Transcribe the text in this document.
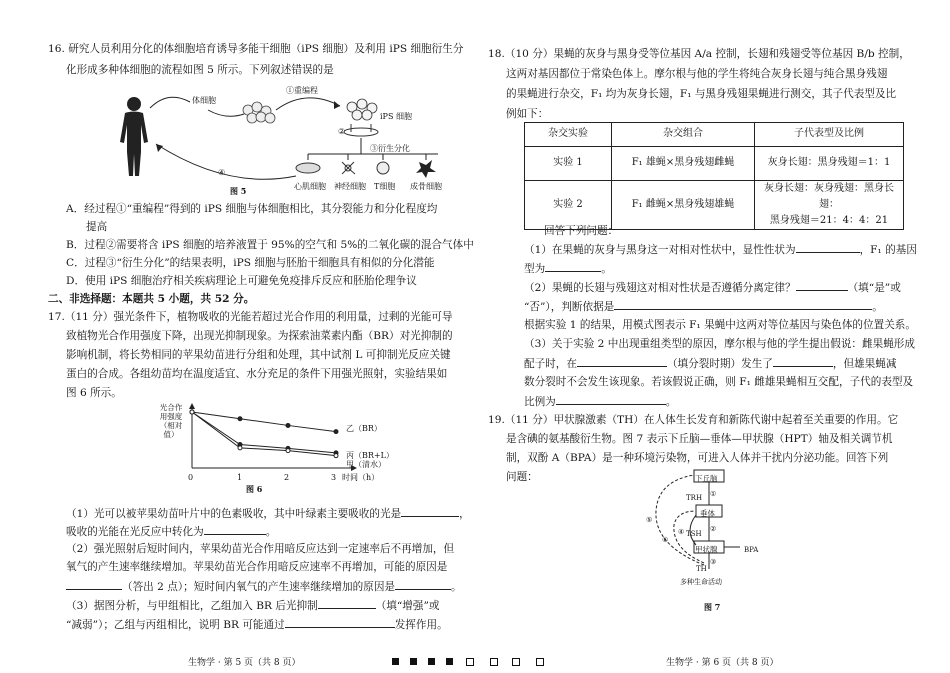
16. 研究人员利用分化的体细胞培育诱导多能干细胞（iPS 细胞）及利用 iPS 细胞衍生分
化形成多种体细胞的流程如图 5 所示。下列叙述错误的是
体细胞
①重编程
iPS 细胞
②
③衍生分化
④
心肌细胞 神经细胞 T细胞 成骨细胞
图 5
A．经过程①“重编程”得到的 iPS 细胞与体细胞相比，其分裂能力和分化程度均
提高
B．过程②需要将含 iPS 细胞的培养液置于 95%的空气和 5%的二氧化碳的混合气体中
C．过程③“衍生分化”的结果表明，iPS 细胞与胚胎干细胞具有相似的分化潜能
D．使用 iPS 细胞治疗相关疾病理论上可避免免疫排斥反应和胚胎伦理争议
二、非选择题：本题共 5 小题，共 52 分。
17.（11 分）强光条件下，植物吸收的光能若超过光合作用的利用量，过剩的光能可导
致植物光合作用强度下降，出现光抑制现象。为探索油菜素内酯（BR）对光抑制的
影响机制，将长势相同的苹果幼苗进行分组和处理，其中试剂 L 可抑制光反应关键
蛋白的合成。各组幼苗均在温度适宜、水分充足的条件下用强光照射，实验结果如
图 6 所示。
光合作用强度（相对值）
0	1	2	3 时间（h）
乙（BR）
丙（BR+L）
甲（清水）
图 6
（1）光可以被苹果幼苗叶片中的色素吸收，其中叶绿素主要吸收的光是	，
吸收的光能在光反应中转化为	。
（2）强光照射后短时间内，苹果幼苗光合作用暗反应达到一定速率后不再增加，但
氧气的产生速率继续增加。苹果幼苗光合作用暗反应速率不再增加，可能的原因是
（答出 2 点）；短时间内氧气的产生速率继续增加的原因是	。
（3）据图分析，与甲组相比，乙组加入 BR 后光抑制	（填“增强”或
“减弱”）；乙组与丙组相比，说明 BR 可能通过	发挥作用。
18.（10 分）果蝇的灰身与黑身受等位基因 A/a 控制，长翅和残翅受等位基因 B/b 控制，
这两对基因都位于常染色体上。摩尔根与他的学生将纯合灰身长翅与纯合黑身残翅
的果蝇进行杂交，F₁ 均为灰身长翅，F₁ 与黑身残翅果蝇进行测交，其子代表型及比
例如下：
杂交实验	杂交组合	子代表型及比例
实验 1	F₁ 雄蝇×黑身残翅雌蝇	灰身长翅：黑身残翅＝1：1
实验 2	F₁ 雌蝇×黑身残翅雄蝇	灰身长翅：灰身残翅：黑身长翅：
黑身残翅＝21：4：4：21
回答下列问题：
（1）在果蝇的灰身与黑身这一对相对性状中，显性性状为	，F₁ 的基因
型为	。
（2）果蝇的长翅与残翅这对相对性状是否遵循分离定律？	（填“是”或
“否”），判断依据是	。
根据实验 1 的结果，用模式图表示 F₁ 果蝇中这两对等位基因与染色体的位置关系。
（3）关于实验 2 中出现重组类型的原因，摩尔根与他的学生提出假说：雌果蝇形成
配子时，在	（填分裂时期）发生了	，但雄果蝇减
数分裂时不会发生该现象。若该假说正确，则 F₁ 雌雄果蝇相互交配，子代的表型及
比例为	。
19.（11 分）甲状腺激素（TH）在人体生长发育和新陈代谢中起着至关重要的作用。它
是含碘的氨基酸衍生物。图 7 表示下丘脑—垂体—甲状腺（HPT）轴及相关调节机
制，双酚 A（BPA）是一种环境污染物，可进入人体并干扰内分泌功能。回答下列
问题：	下丘脑
TRH
垂体
TSH
甲状腺	BPA
TH
多种生命活动
①
②
③
④
⑤
⑥
图 7
生物学 · 第 5 页（共 8 页）	生物学 · 第 6 页（共 8 页）
